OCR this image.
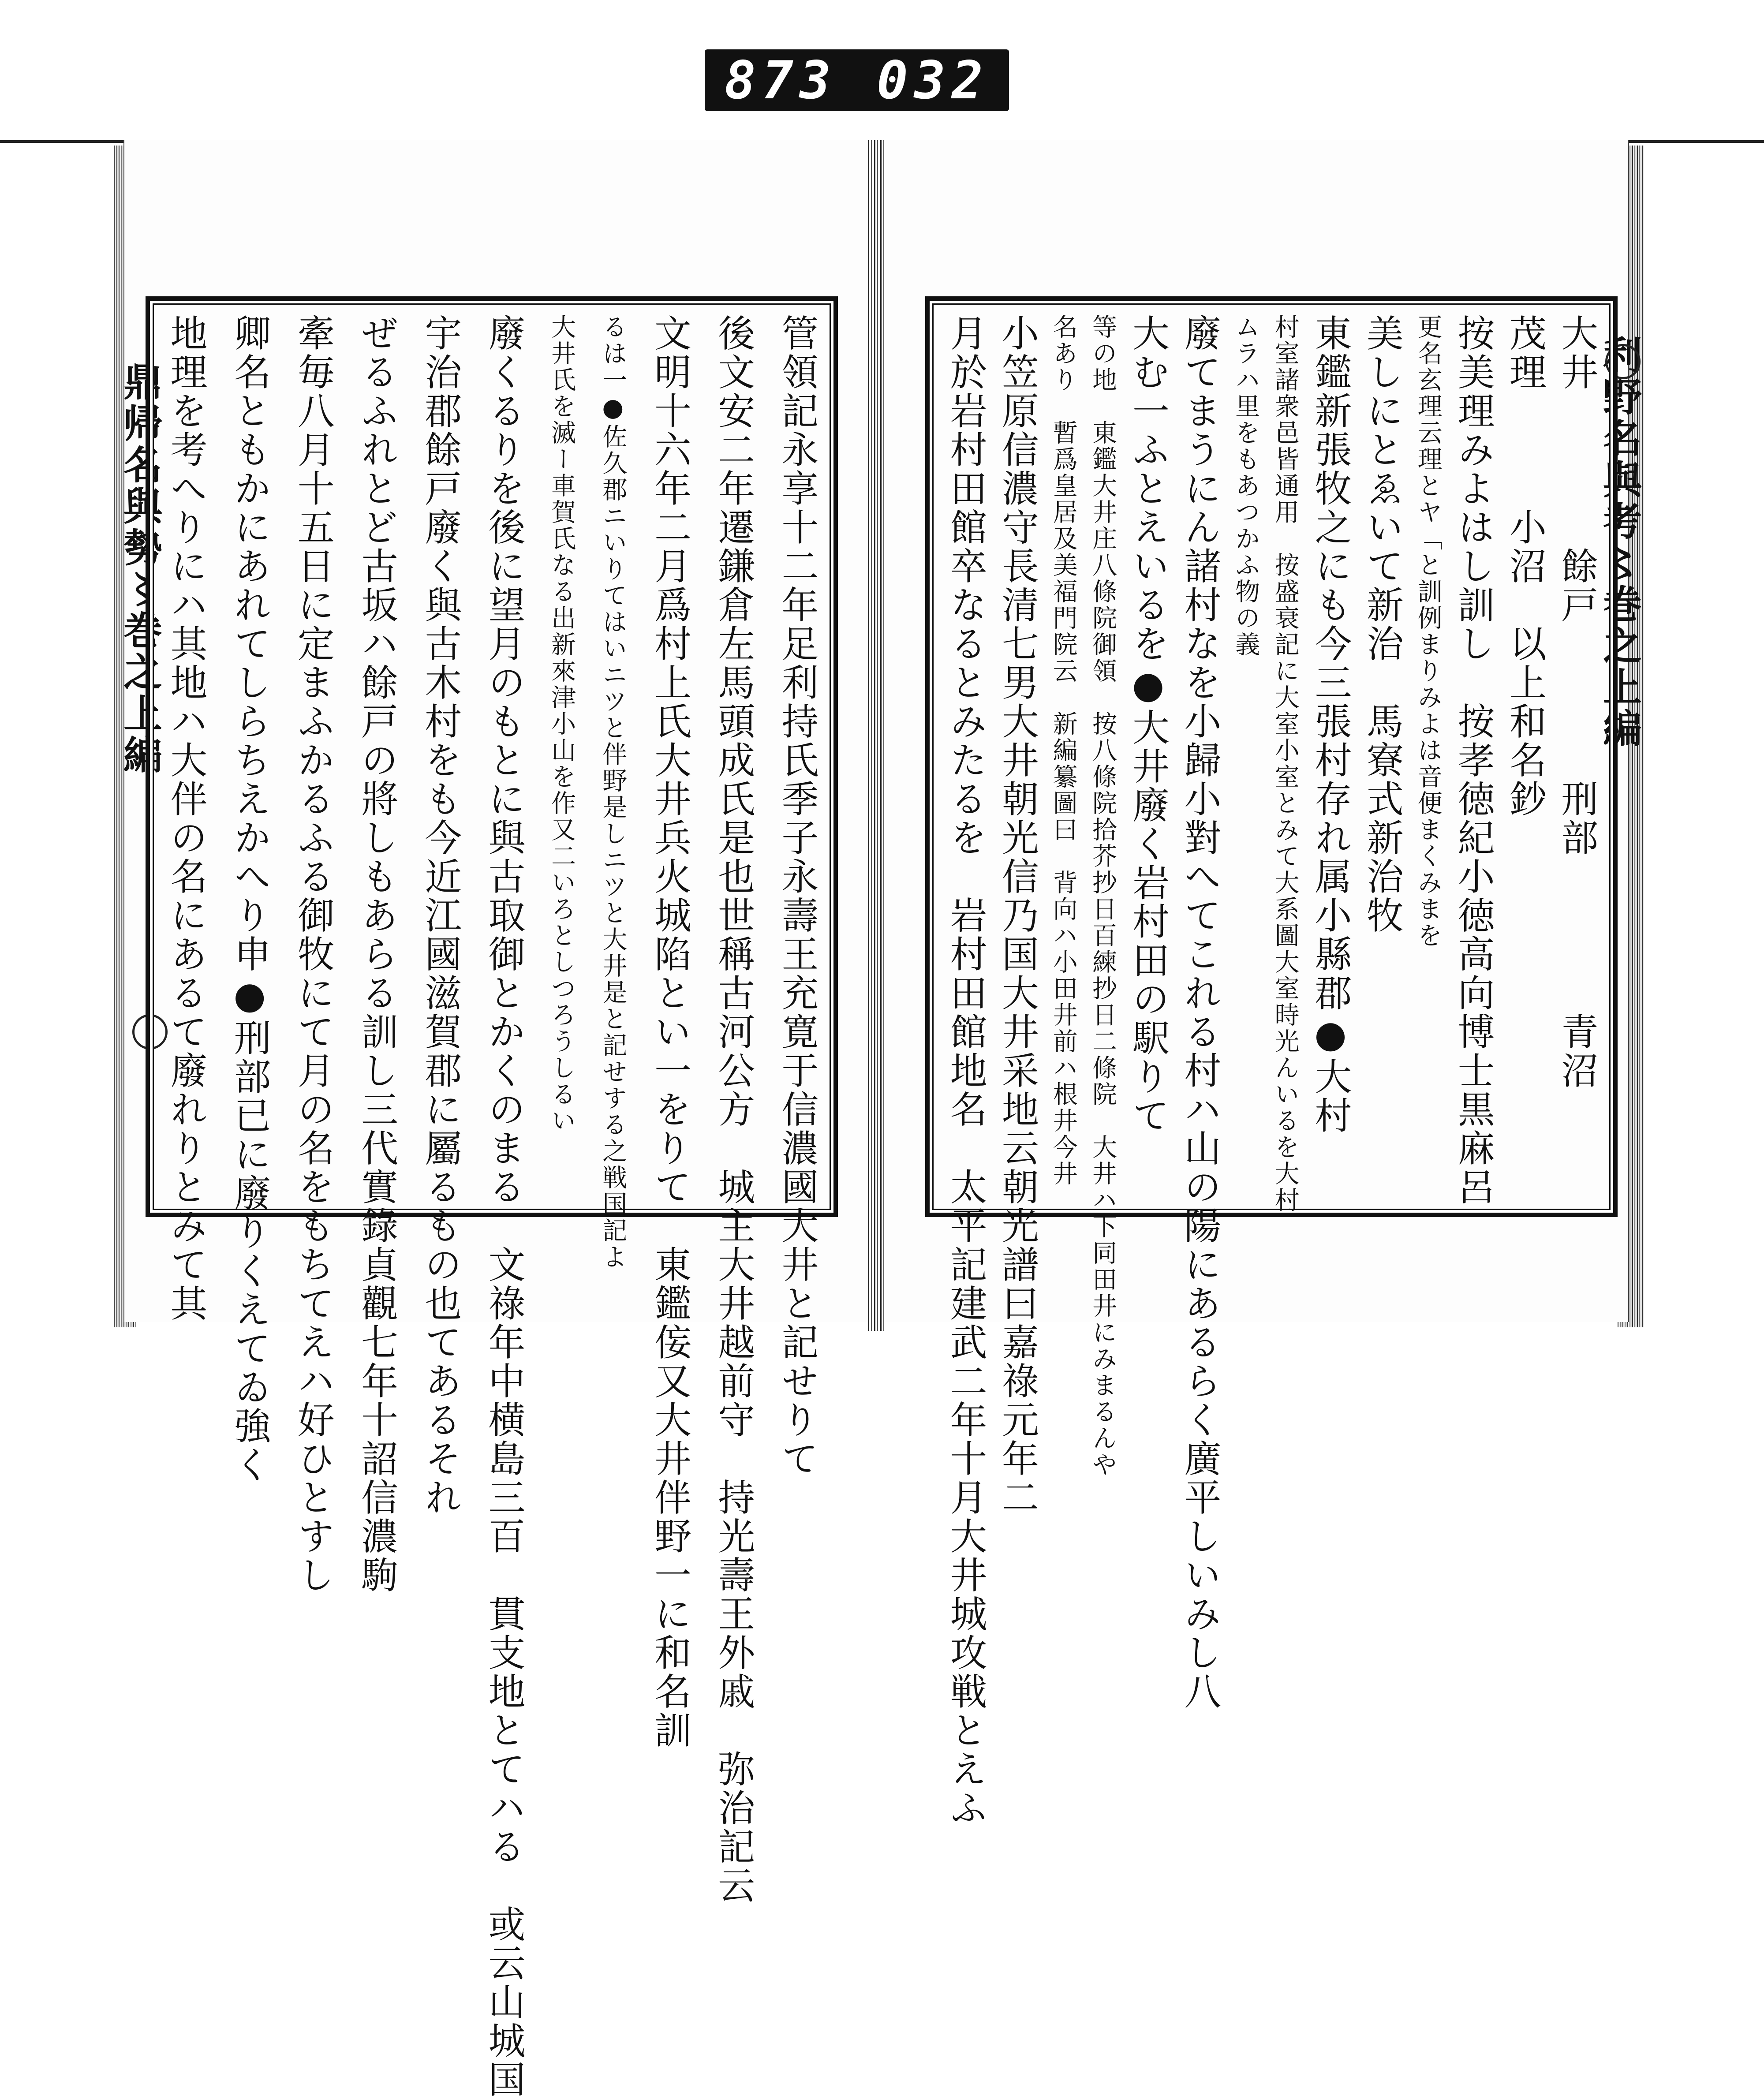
873 032
利野名與考〻巻之上編
鼎帰名與勢〻巻之上編	大井　　　　餘戸　　　　刑部　　　　青沼
茂理　　　小沼　以上和名鈔
按美理みよはし訓し　按孝徳紀小徳高向博士黒麻呂
更名玄理云理とヤ「と訓例まりみよは音便まくみまを
美しにとゑいて新治　馬寮式新治牧
東鑑新張牧之にも今三張村存れ属小縣郡●大村
村室諸衆邑皆通用　按盛衰記に大室小室とみて大系圖大室時光んいるを大村
ムラハ里をもあつかふ物の義
廢てまうにん諸村なを小歸小對へてこれる村ハ山の陽にあるらく廣平しいみし八
大む一ふとえいるを●大井廢く岩村田の駅りて
等の地　東鑑大井庄八條院御領　按八條院拾芥抄日百練抄日二條院　大井ハ下同田井にみまるんや
名あり　暫爲皇居及美福門院云　新編纂圖曰　背向ハ小田井前ハ根井今井
小笠原信濃守長清七男大井朝光信乃国大井采地云朝光譜曰嘉祿元年二
月於岩村田館卒なるとみたるを　岩村田館地名　太平記建武二年十月大井城攻戦とえふ
管領記永享十二年足利持氏季子永壽王充寛于信濃國大井と記せりて
後文安二年遷鎌倉左馬頭成氏是也世稱古河公方　城主大井越前守　持光壽王外戚　弥治記云
文明十六年二月爲村上氏大井兵火城陷とい一をりて　東鑑侫又大井伴野一に和名訓
るは一●佐久郡ニいりてはいニツと伴野是しニツと大井是と記せする之戦国記よ
大井氏を滅ー車賀氏なる出新來津小山を作又二いろとしつろうしるい
廢くるりを後に望月のもとに與古取御とかくのまる　文祿年中横島三百　貫支地とてハる　或云山城国
宇治郡餘戸廢く與古木村をも今近江國滋賀郡に屬るもの也てあるそれ
ぜるふれとど古坂ハ餘戸の將しもあらる訓し三代實錄貞觀七年十詔信濃駒
牽毎八月十五日に定まふかるふる御牧にて月の名をもちてえハ好ひとすし
卿名ともかにあれてしらちえかへり申●刑部已に廢りくえてゐ強く
地理を考へりにハ其地ハ大伴の名にあるて廢れりとみて其
